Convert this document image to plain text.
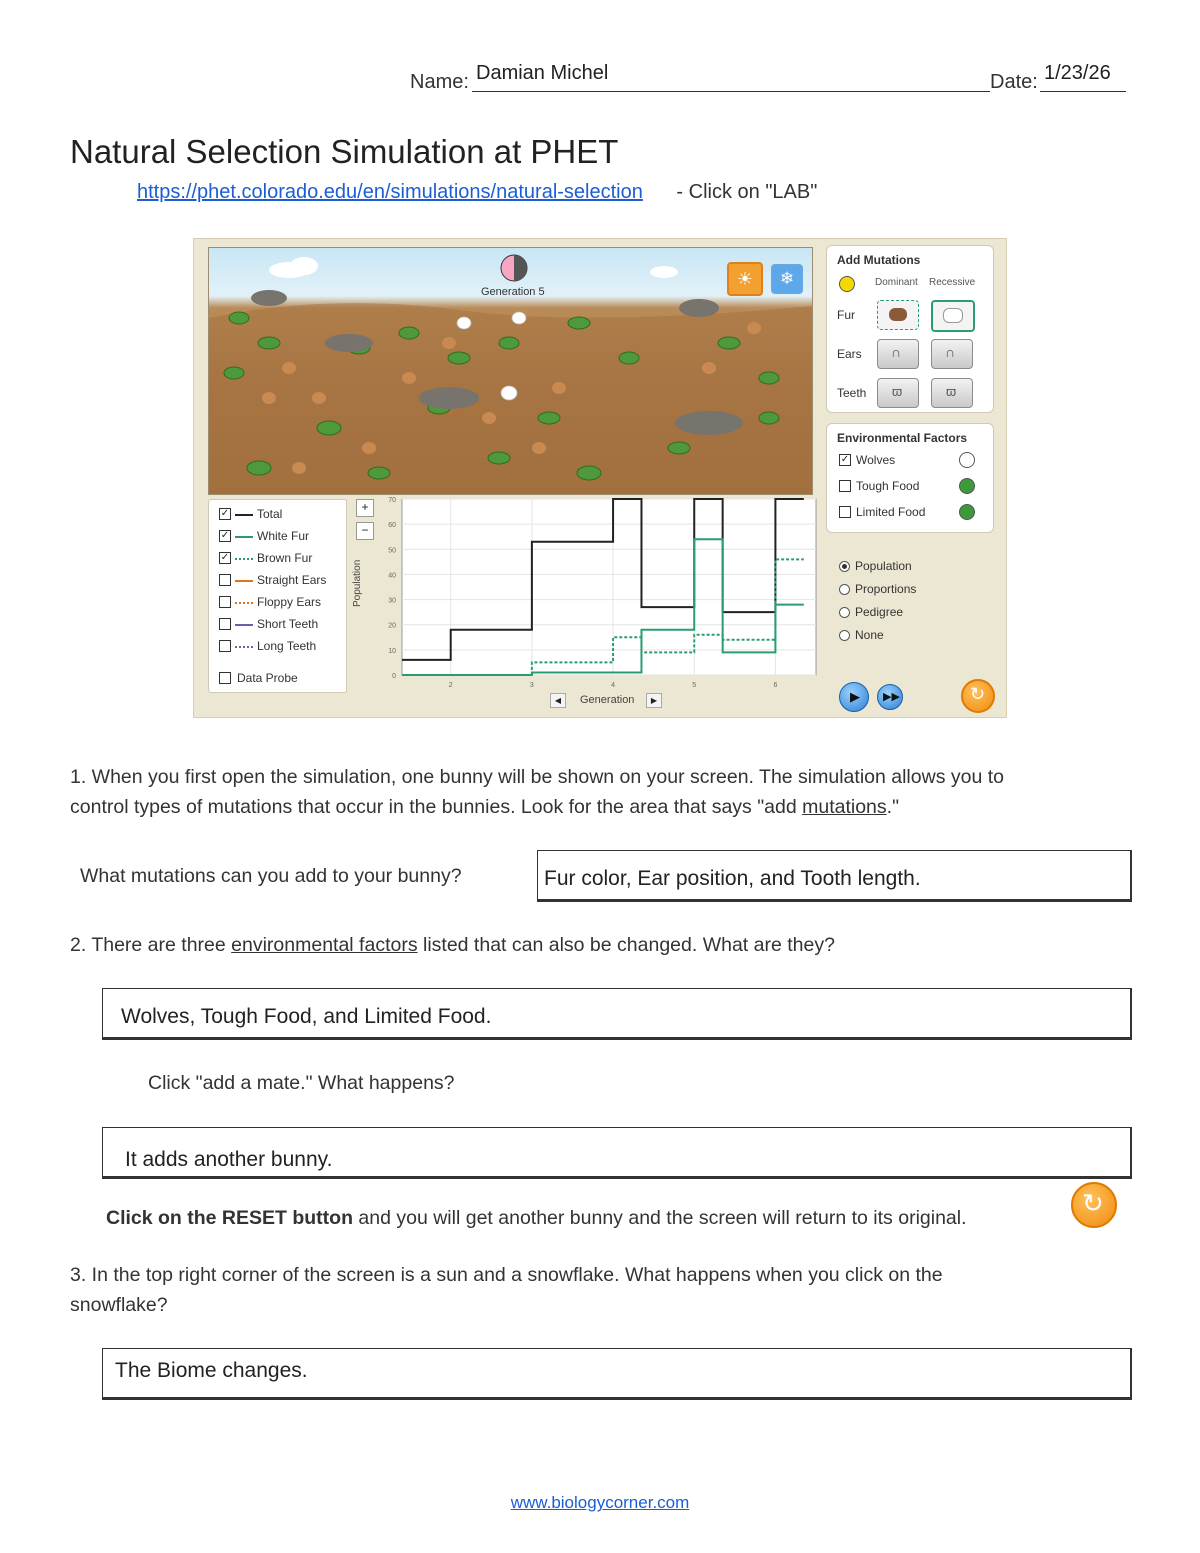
Name: Damian Michel	Date: 1/23/26
Natural Selection Simulation at PHET
https://phet.colorado.edu/en/simulations/natural-selection - Click on "LAB"
Generation 5
☀	❄
Add Mutations
Dominant Recessive
Fur
Ears ∩	∩
Teeth ϖ	ϖ
Environmental Factors
✓ Wolves
Tough Food
Limited Food
✓ Total
✓ White Fur
✓ Brown Fur
Straight Ears
Floppy Ears
Short Teeth
Long Teeth
Data Probe
+
−
0
10
20
30
40
50
60
70
2	3	4	5	6
Population
◀	Generation	▶
Population
Proportions
Pedigree
None
▶ ▶▶	↻
1. When you first open the simulation, one bunny will be shown on your screen. The simulation allows you to
control types of mutations that occur in the bunnies. Look for the area that says "add mutations."
What mutations can you add to your bunny?	Fur color, Ear position, and Tooth length.
2. There are three environmental factors listed that can also be changed. What are they?
Wolves, Tough Food, and Limited Food.
Click "add a mate." What happens?
It adds another bunny.
Click on the RESET button and you will get another bunny and the screen will return to its original.	↻
3. In the top right corner of the screen is a sun and a snowflake. What happens when you click on the
snowflake?
The Biome changes.
www.biologycorner.com
